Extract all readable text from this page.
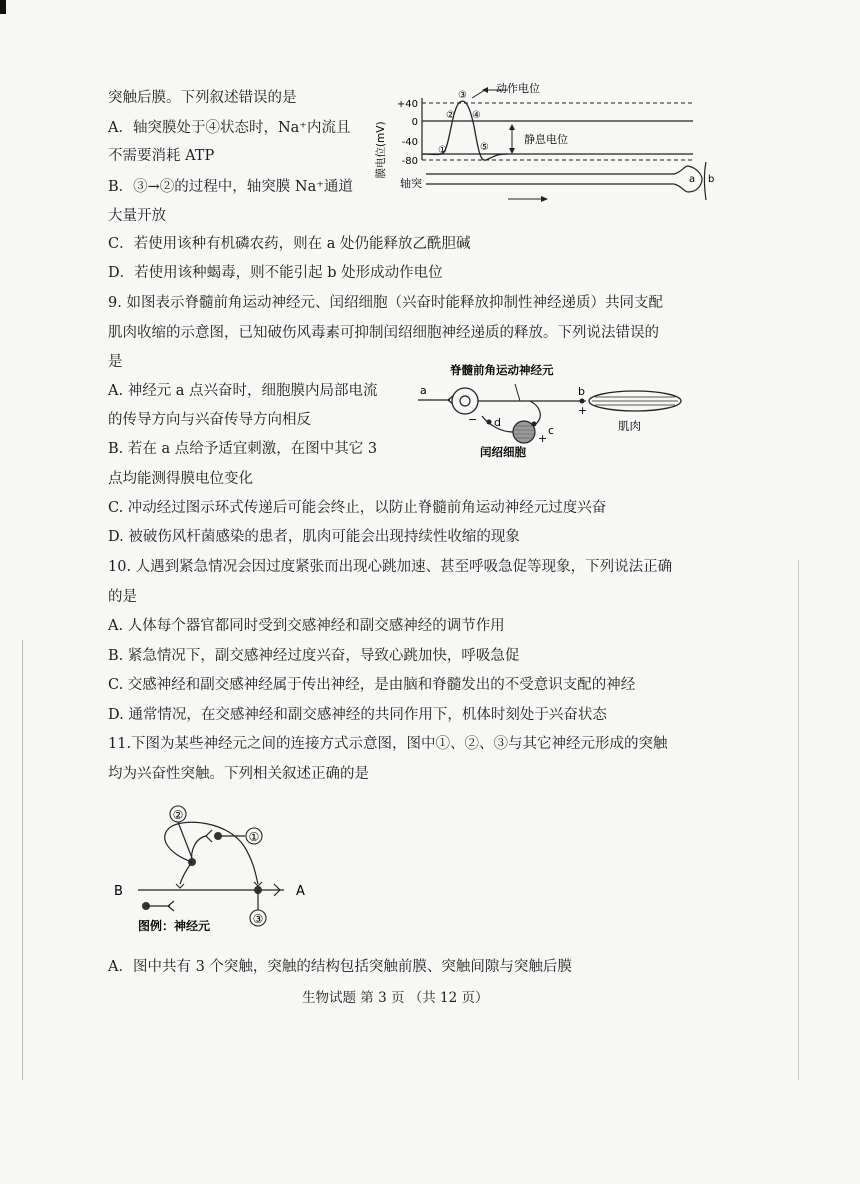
突触后膜。下列叙述错误的是
A．轴突膜处于④状态时，Na⁺内流且
不需要消耗 ATP
B．③→②的过程中，轴突膜 Na⁺通道
大量开放
C．若使用该种有机磷农药，则在 a 处仍能释放乙酰胆碱
D．若使用该种蝎毒，则不能引起 b 处形成动作电位
膜电位(mV)
+40
0
-40
-80
①
②
③
④
⑤
动作电位
静息电位
轴突	a b
9. 如图表示脊髓前角运动神经元、闰绍细胞（兴奋时能释放抑制性神经递质）共同支配
肌肉收缩的示意图，已知破伤风毒素可抑制闰绍细胞神经递质的释放。下列说法错误的
是
A. 神经元 a 点兴奋时，细胞膜内局部电流
的传导方向与兴奋传导方向相反
B. 若在 a 点给予适宜刺激，在图中其它 3
点均能测得膜电位变化
C. 冲动经过图示环式传递后可能会终止，以防止脊髓前角运动神经元过度兴奋
D. 被破伤风杆菌感染的患者，肌肉可能会出现持续性收缩的现象
脊髓前角运动神经元
a	b
+
肌肉
d
−
c
+
闰绍细胞
10. 人遇到紧急情况会因过度紧张而出现心跳加速、甚至呼吸急促等现象，下列说法正确
的是
A. 人体每个器官都同时受到交感神经和副交感神经的调节作用
B. 紧急情况下，副交感神经过度兴奋，导致心跳加快，呼吸急促
C. 交感神经和副交感神经属于传出神经，是由脑和脊髓发出的不受意识支配的神经
D. 通常情况，在交感神经和副交感神经的共同作用下，机体时刻处于兴奋状态
11.下图为某些神经元之间的连接方式示意图，图中①、②、③与其它神经元形成的突触
均为兴奋性突触。下列相关叙述正确的是
②
①
B	A
③
图例：神经元
A．图中共有 3 个突触，突触的结构包括突触前膜、突触间隙与突触后膜
生物试题 第 3 页 （共 12 页）
